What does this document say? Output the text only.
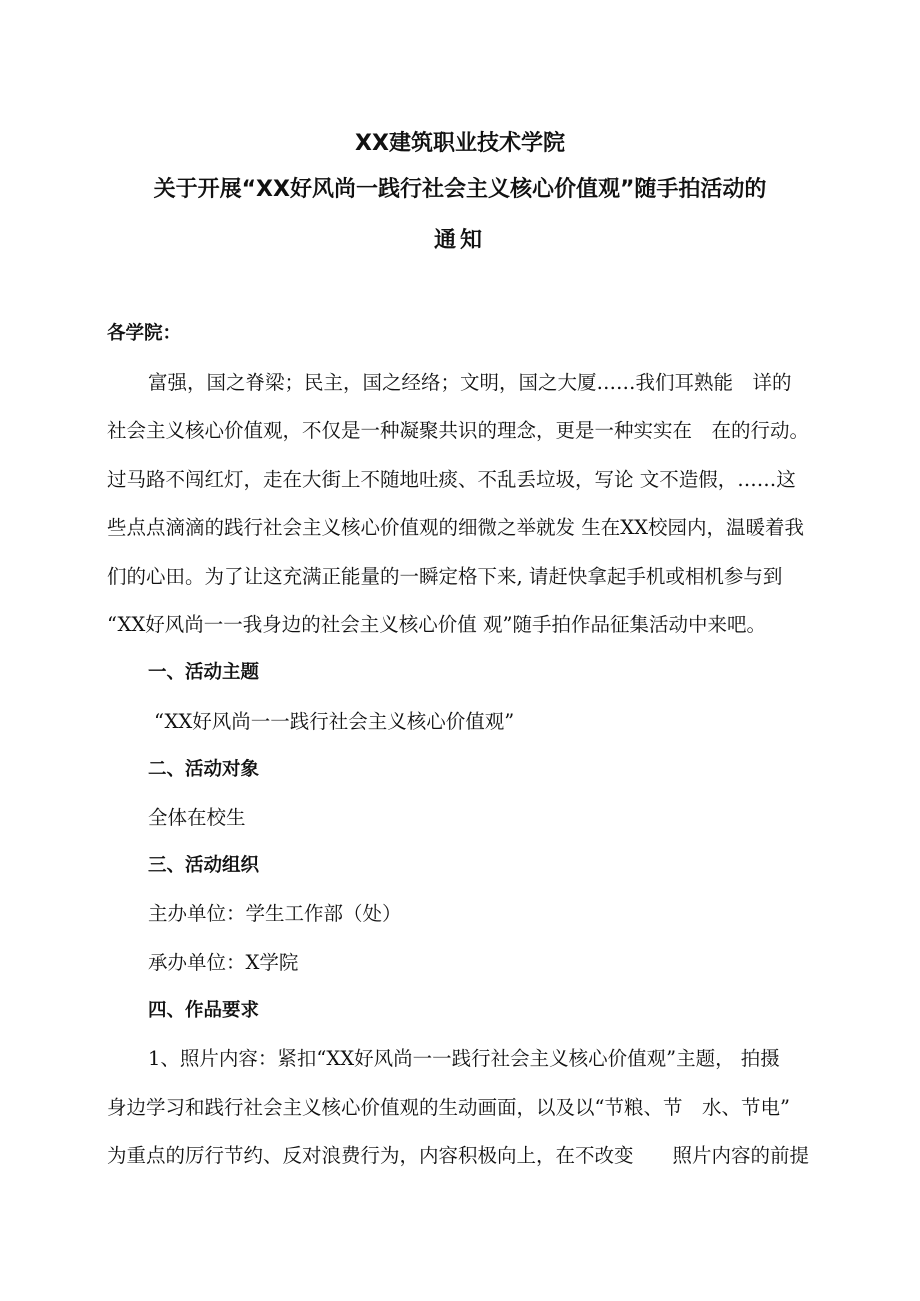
XX建筑职业技术学院
关于开展“XX好风尚一践行社会主义核心价值观”随手拍活动的
通知
各学院：
富强，国之脊梁；民主，国之经络；文明，国之大厦……我们耳熟能　详的
社会主义核心价值观，不仅是一种凝聚共识的理念，更是一种实实在　在的行动。
过马路不闯红灯，走在大街上不随地吐痰、不乱丢垃圾，写论 文不造假，……这
些点点滴滴的践行社会主义核心价值观的细微之举就发 生在XX校园内，温暖着我
们的心田。为了让这充满正能量的一瞬定格下来, 请赶快拿起手机或相机参与到
“XX好风尚一一我身边的社会主义核心价值 观”随手拍作品征集活动中来吧。
一、活动主题
“XX好风尚一一践行社会主义核心价值观”
二、活动对象
全体在校生
三、活动组织
主办单位：学生工作部（处）
承办单位：X学院
四、作品要求
1、照片内容：紧扣“XX好风尚一一践行社会主义核心价值观”主题， 拍摄
身边学习和践行社会主义核心价值观的生动画面，以及以“节粮、节　水、节电”
为重点的厉行节约、反对浪费行为，内容积极向上，在不改变　　照片内容的前提
